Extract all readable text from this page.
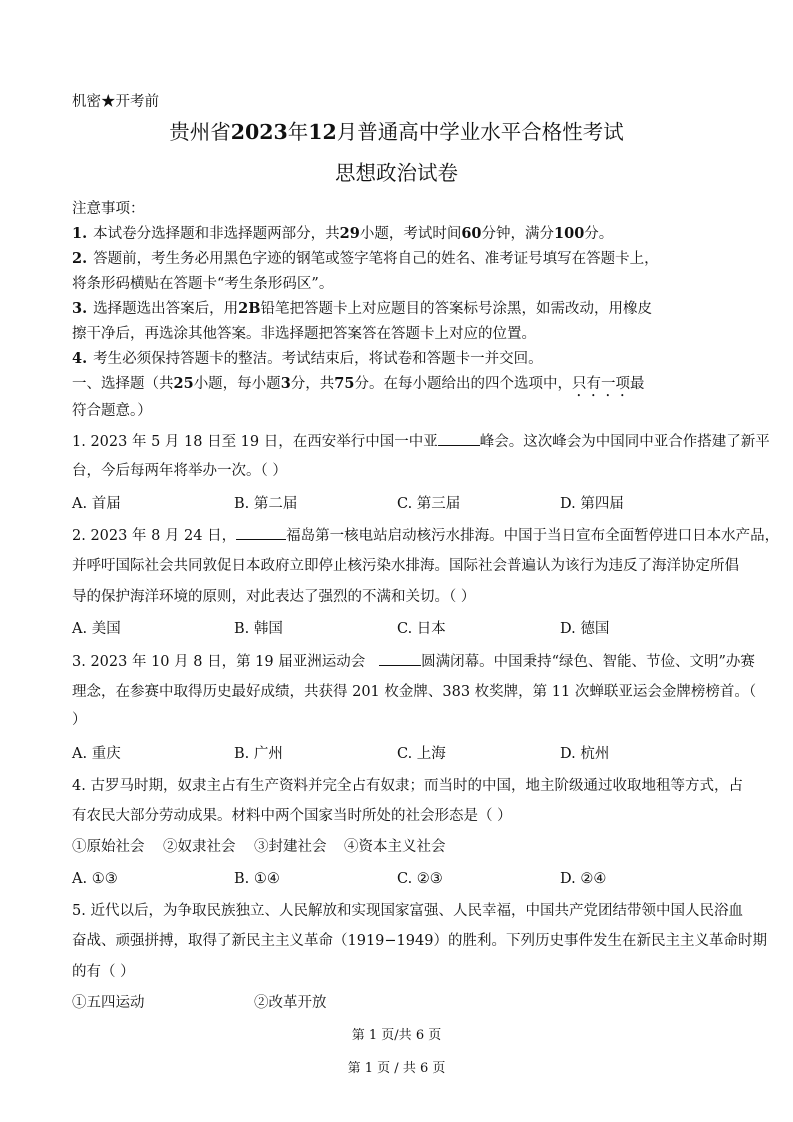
机密★开考前
贵州省2023年12月普通高中学业水平合格性考试
思想政治试卷
注意事项：
1. 本试卷分选择题和非选择题两部分，共29小题，考试时间60分钟，满分100分。
2. 答题前，考生务必用黑色字迹的钢笔或签字笔将自己的姓名、准考证号填写在答题卡上，
将条形码横贴在答题卡“考生条形码区”。
3. 选择题选出答案后，用2B铅笔把答题卡上对应题目的答案标号涂黑，如需改动，用橡皮
擦干净后，再选涂其他答案。非选择题把答案答在答题卡上对应的位置。
4. 考生必须保持答题卡的整洁。考试结束后，将试卷和答题卡一并交回。
一、选择题（共25小题，每小题3分，共75分。在每小题给出的四个选项中，只有一项最
符合题意。）
1. 2023 年 5 月 18 日至 19 日，在西安举行中国一中亚	峰会。这次峰会为中国同中亚合作搭建了新平
台，今后每两年将举办一次。（ ）
A. 首届	B. 第二届	C. 第三届	D. 第四届
2. 2023 年 8 月 24 日，	福岛第一核电站启动核污水排海。中国于当日宣布全面暂停进口日本水产品，
并呼吁国际社会共同敦促日本政府立即停止核污染水排海。国际社会普遍认为该行为违反了海洋协定所倡
导的保护海洋环境的原则，对此表达了强烈的不满和关切。（ ）
A. 美国	B. 韩国	C. 日本	D. 德国
3. 2023 年 10 月 8 日，第 19 届亚洲运动会	圆满闭幕。中国秉持“绿色、智能、节俭、文明”办赛
理念，在参赛中取得历史最好成绩，共获得 201 枚金牌、383 枚奖牌，第 11 次蝉联亚运会金牌榜榜首。（
）
A. 重庆	B. 广州	C. 上海	D. 杭州
4. 古罗马时期，奴隶主占有生产资料并完全占有奴隶；而当时的中国，地主阶级通过收取地租等方式，占
有农民大部分劳动成果。材料中两个国家当时所处的社会形态是（ ）
①原始社会 ②奴隶社会 ③封建社会 ④资本主义社会
A. ①③	B. ①④	C. ②③	D. ②④
5. 近代以后，为争取民族独立、人民解放和实现国家富强、人民幸福，中国共产党团结带领中国人民浴血
奋战、顽强拼搏，取得了新民主主义革命（1919−1949）的胜利。下列历史事件发生在新民主主义革命时期
的有（ ）
①五四运动	②改革开放
第 1 页/共 6 页
第 1 页 / 共 6 页
